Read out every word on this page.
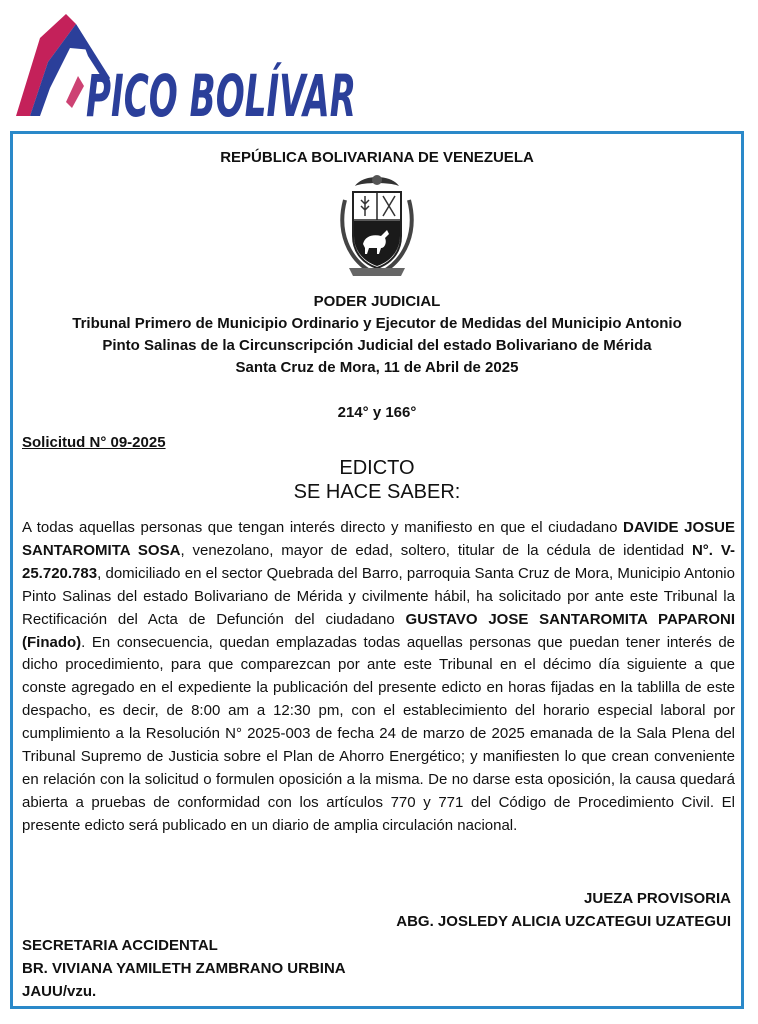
PICO BOLÍVAR
REPÚBLICA BOLIVARIANA DE VENEZUELA
PODER JUDICIAL
Tribunal Primero de Municipio Ordinario y Ejecutor de Medidas del Municipio Antonio
Pinto Salinas de la Circunscripción Judicial del estado Bolivariano de Mérida
Santa Cruz de Mora, 11 de Abril de 2025
214° y 166°
Solicitud N° 09-2025
EDICTO
SE HACE SABER:

A todas aquellas personas que tengan interés directo y manifiesto en que el ciudadano DAVIDE JOSUE SANTAROMITA SOSA, venezolano, mayor de edad, soltero, titular de la cédula de identidad N°. V- 25.720.783, domiciliado en el sector Quebrada del Barro, parroquia Santa Cruz de Mora, Municipio Antonio Pinto Salinas del estado Bolivariano de Mérida y civilmente hábil, ha solicitado por ante este Tribunal la Rectificación del Acta de Defunción del ciudadano GUSTAVO JOSE SANTAROMITA PAPARONI (Finado). En consecuencia, quedan emplazadas todas aquellas personas que puedan tener interés de dicho procedimiento, para que comparezcan por ante este Tribunal en el décimo día siguiente a que conste agregado en el expediente la publicación del presente edicto en horas fijadas en la tablilla de este despacho, es decir, de 8:00 am a 12:30 pm, con el establecimiento del horario especial laboral por cumplimiento a la Resolución N° 2025-003 de fecha 24 de marzo de 2025 emanada de la Sala Plena del Tribunal Supremo de Justicia sobre el Plan de Ahorro Energético; y manifiesten lo que crean conveniente en relación con la solicitud o formulen oposición a la misma. De no darse esta oposición, la causa quedará abierta a pruebas de conformidad con los artículos 770 y 771 del Código de Procedimiento Civil. El presente edicto será publicado en un diario de amplia circulación nacional.

JUEZA PROVISORIA
ABG. JOSLEDY ALICIA UZCATEGUI UZATEGUI
SECRETARIA ACCIDENTAL
BR. VIVIANA YAMILETH ZAMBRANO URBINA
JAUU/vzu.
